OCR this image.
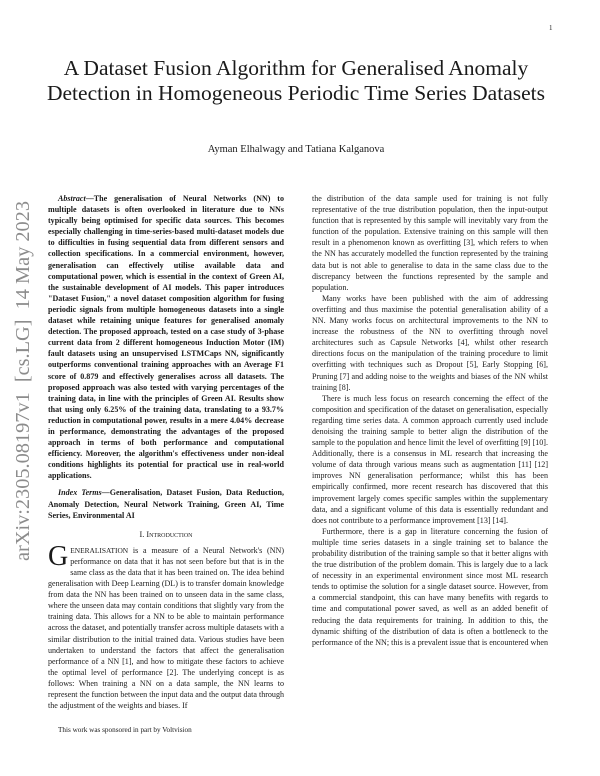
1
arXiv:2305.08197v1  [cs.LG]  14 May 2023
A Dataset Fusion Algorithm for Generalised Anomaly Detection in Homogeneous Periodic Time Series Datasets
Ayman Elhalwagy and Tatiana Kalganova

Abstract—The generalisation of Neural Networks (NN) to multiple datasets is often overlooked in literature due to NNs typically being optimised for specific data sources. This becomes especially challenging in time-series-based multi-dataset models due to difficulties in fusing sequential data from different sensors and collection specifications. In a commercial environment, however, generalisation can effectively utilise available data and computational power, which is essential in the context of Green AI, the sustainable development of AI models. This paper introduces "Dataset Fusion," a novel dataset composition algorithm for fusing periodic signals from multiple homogeneous datasets into a single dataset while retaining unique features for generalised anomaly detection. The proposed approach, tested on a case study of 3-phase current data from 2 different homogeneous Induction Motor (IM) fault datasets using an unsupervised LSTMCaps NN, significantly outperforms conventional training approaches with an Average F1 score of 0.879 and effectively generalises across all datasets. The proposed approach was also tested with varying percentages of the training data, in line with the principles of Green AI. Results show that using only 6.25% of the training data, translating to a 93.7% reduction in computational power, results in a mere 4.04% decrease in performance, demonstrating the advantages of the proposed approach in terms of both performance and computational efficiency. Moreover, the algorithm's effectiveness under non-ideal conditions highlights its potential for practical use in real-world applications.

Index Terms—Generalisation, Dataset Fusion, Data Reduction, Anomaly Detection, Neural Network Training, Green AI, Time Series, Environmental AI

I. Introduction

GENERALISATION is a measure of a Neural Network's (NN) performance on data that it has not seen before but that is in the same class as the data that it has been trained on. The idea behind generalisation with Deep Learning (DL) is to transfer domain knowledge from data the NN has been trained on to unseen data in the same class, where the unseen data may contain conditions that slightly vary from the training data. This allows for a NN to be able to maintain performance across the dataset, and potentially transfer across multiple datasets with a similar distribution to the initial trained data. Various studies have been undertaken to understand the factors that affect the generalisation performance of a NN [1], and how to mitigate these factors to achieve the optimal level of performance [2]. The underlying concept is as follows: When training a NN on a data sample, the NN learns to represent the function between the input data and the output data through the adjustment of the weights and biases. If

the distribution of the data sample used for training is not fully representative of the true distribution population, then the input-output function that is represented by this sample will inevitably vary from the function of the population. Extensive training on this sample will then result in a phenomenon known as overfitting [3], which refers to when the NN has accurately modelled the function represented by the training data but is not able to generalise to data in the same class due to the discrepancy between the functions represented by the sample and population.

Many works have been published with the aim of addressing overfitting and thus maximise the potential generalisation ability of a NN. Many works focus on architectural improvements to the NN to increase the robustness of the NN to overfitting through novel architectures such as Capsule Networks [4], whilst other research directions focus on the manipulation of the training procedure to limit overfitting with techniques such as Dropout [5], Early Stopping [6], Pruning [7] and adding noise to the weights and biases of the NN whilst training [8].

There is much less focus on research concerning the effect of the composition and specification of the dataset on generalisation, especially regarding time series data. A common approach currently used include denoising the training sample to better align the distribution of the sample to the population and hence limit the level of overfitting [9] [10]. Additionally, there is a consensus in ML research that increasing the volume of data through various means such as augmentation [11] [12] improves NN generalisation performance; whilst this has been empirically confirmed, more recent research has discovered that this improvement largely comes specific samples within the supplementary data, and a significant volume of this data is essentially redundant and does not contribute to a performance improvement [13] [14].

Furthermore, there is a gap in literature concerning the fusion of multiple time series datasets in a single training set to balance the probability distribution of the training sample so that it better aligns with the true distribution of the problem domain. This is largely due to a lack of necessity in an experimental environment since most ML research tends to optimise the solution for a single dataset source. However, from a commercial standpoint, this can have many benefits with regards to time and computational power saved, as well as an added benefit of reducing the data requirements for training. In addition to this, the dynamic shifting of the distribution of data is often a bottleneck to the performance of the NN; this is a prevalent issue that is encountered when

This work was sponsored in part by Voltvision
